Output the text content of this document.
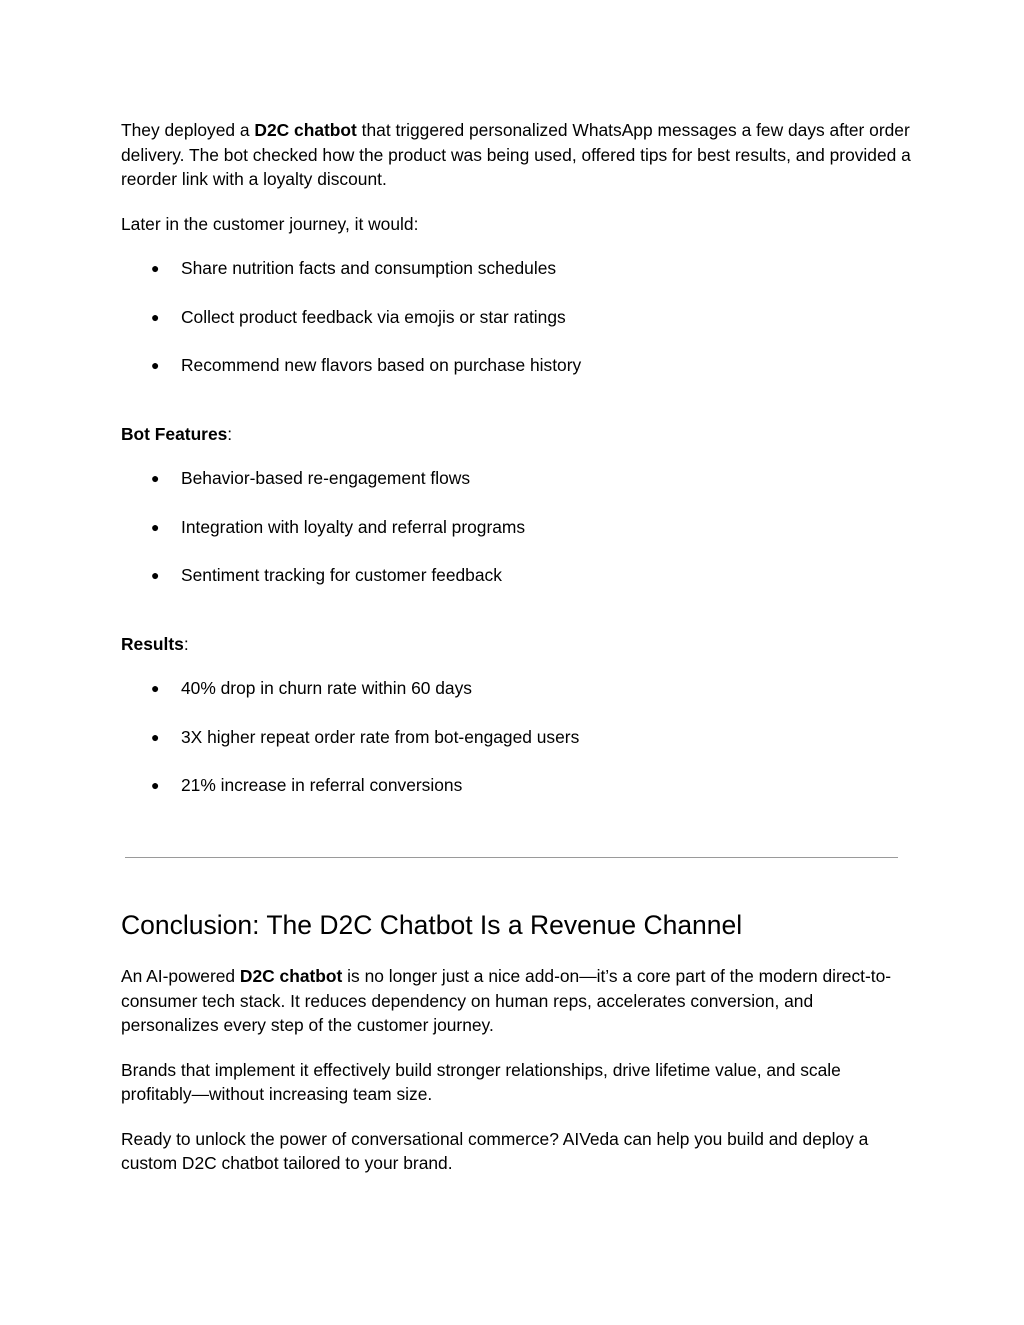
They deployed a D2C chatbot that triggered personalized WhatsApp messages a few days after order delivery. The bot checked how the product was being used, offered tips for best results, and provided a reorder link with a loyalty discount.

Later in the customer journey, it would:

● Share nutrition facts and consumption schedules
● Collect product feedback via emojis or star ratings
● Recommend new flavors based on purchase history

Bot Features:

● Behavior-based re-engagement flows
● Integration with loyalty and referral programs
● Sentiment tracking for customer feedback

Results:

● 40% drop in churn rate within 60 days
● 3X higher repeat order rate from bot-engaged users
● 21% increase in referral conversions
Conclusion: The D2C Chatbot Is a Revenue Channel

An AI-powered D2C chatbot is no longer just a nice add-on—it’s a core part of the modern direct-to-consumer tech stack. It reduces dependency on human reps, accelerates conversion, and personalizes every step of the customer journey.

Brands that implement it effectively build stronger relationships, drive lifetime value, and scale profitably—without increasing team size.

Ready to unlock the power of conversational commerce? AIVeda can help you build and deploy a custom D2C chatbot tailored to your brand.
